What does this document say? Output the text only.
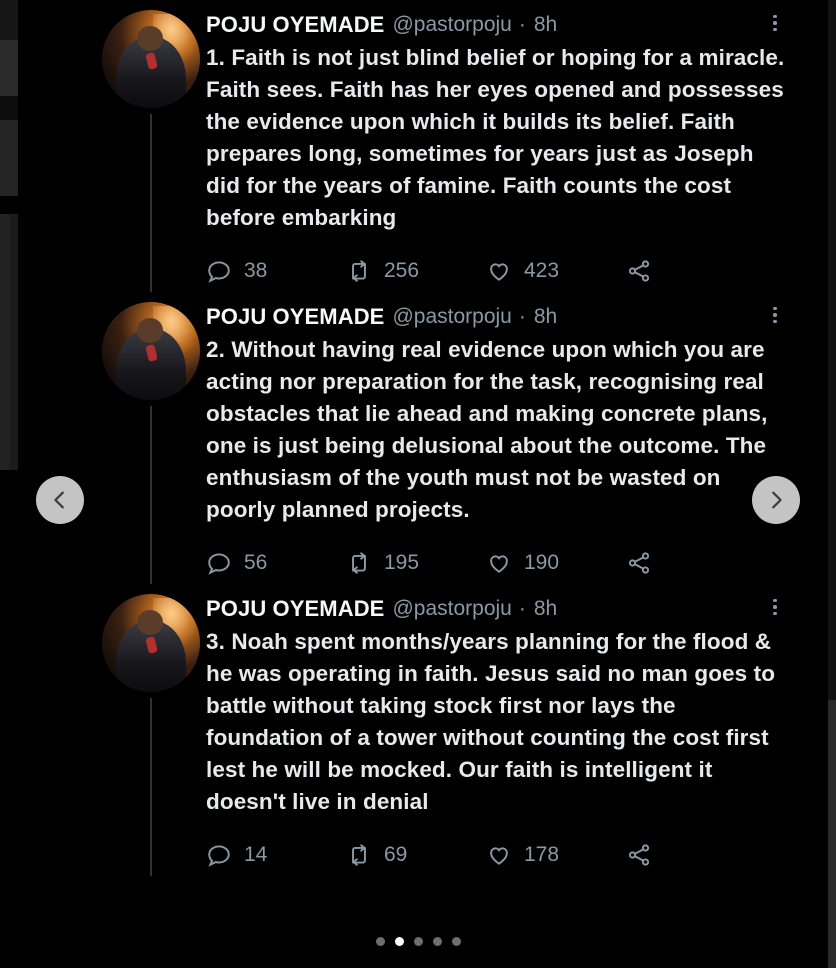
POJU OYEMADE @pastorpoju · 8h
1. Faith is not just blind belief or hoping for a miracle. Faith sees. Faith has her eyes opened and possesses the evidence upon which it builds its belief. Faith prepares long, sometimes for years just as Joseph did for the years of famine. Faith counts the cost before embarking
38	256	423
POJU OYEMADE @pastorpoju · 8h
2. Without having real evidence upon which you are acting nor preparation for the task, recognising real obstacles that lie ahead and making concrete plans, one is just being delusional about the outcome. The enthusiasm of the youth must not be wasted on poorly planned projects.
56	195	190
POJU OYEMADE @pastorpoju · 8h
3. Noah spent months/years planning for the flood & he was operating in faith. Jesus said no man goes to battle without taking stock first nor lays the foundation of a tower without counting the cost first lest he will be mocked. Our faith is intelligent it doesn't live in denial
14	69	178
